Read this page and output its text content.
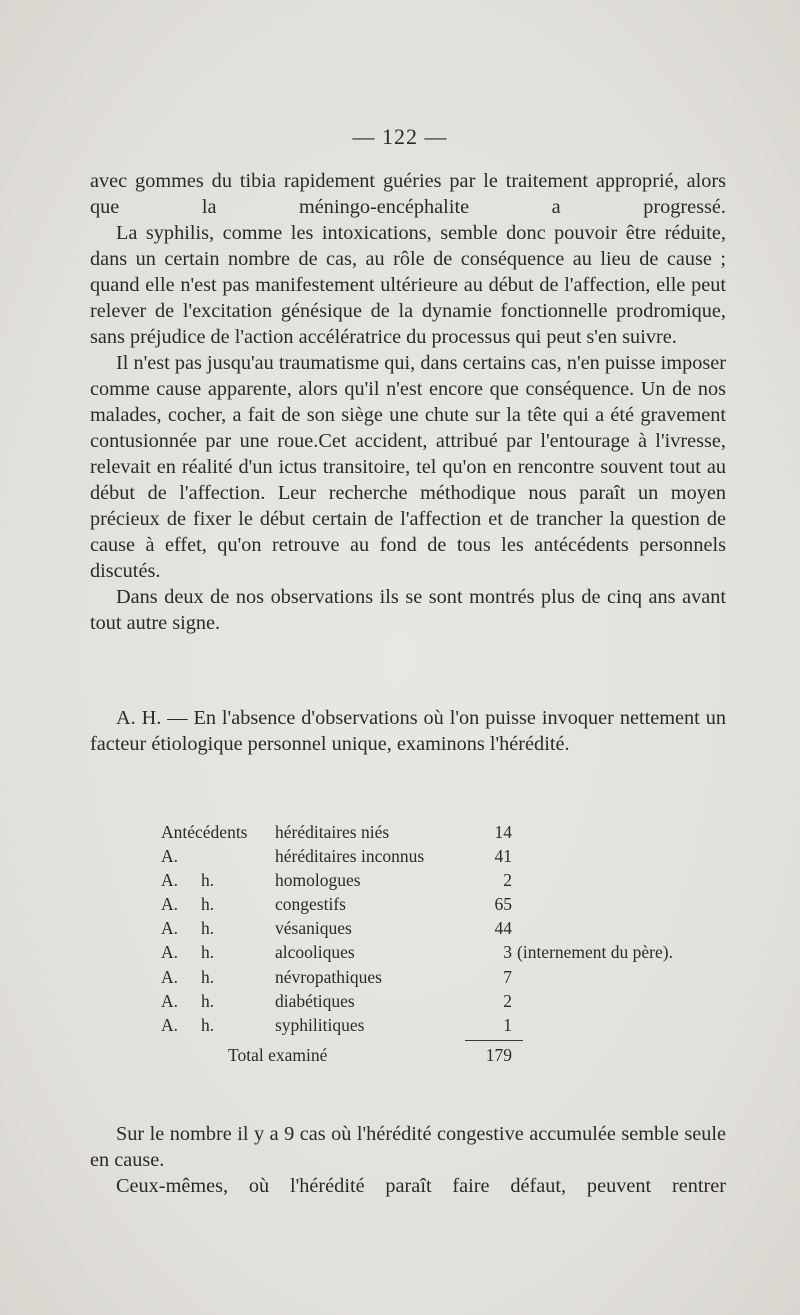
— 122 —

avec gommes du tibia rapidement guéries par le traitement approprié, alors que la méningo-encéphalite a progressé.

La syphilis, comme les intoxications, semble donc pouvoir être réduite, dans un certain nombre de cas, au rôle de conséquence au lieu de cause ; quand elle n'est pas manifestement ultérieure au début de l'affection, elle peut relever de l'excitation génésique de la dynamie fonctionnelle prodromique, sans préjudice de l'action accélératrice du processus qui peut s'en suivre.

Il n'est pas jusqu'au traumatisme qui, dans certains cas, n'en puisse imposer comme cause apparente, alors qu'il n'est encore que conséquence. Un de nos malades, cocher, a fait de son siège une chute sur la tête qui a été gravement contusionnée par une roue.Cet accident, attribué par l'entourage à l'ivresse, relevait en réalité d'un ictus transitoire, tel qu'on en rencontre souvent tout au début de l'affection. Leur recherche méthodique nous paraît un moyen précieux de fixer le début certain de l'affection et de trancher la question de cause à effet, qu'on retrouve au fond de tous les antécédents personnels discutés.

Dans deux de nos observations ils se sont montrés plus de cinq ans avant tout autre signe.

A. H. — En l'absence d'observations où l'on puisse invoquer nettement un facteur étiologique personnel unique, examinons l'hérédité.

Antécédents héréditaires niés	14
A.	héréditaires inconnus	41
A. h.	homologues	2
A. h.	congestifs	65
A. h.	vésaniques	44
A. h.	alcooliques	3 (internement du père).
A. h.	névropathiques	7
A. h.	diabétiques	2
A. h.	syphilitiques	1
Total examiné	179

Sur le nombre il y a 9 cas où l'hérédité congestive accumulée semble seule en cause.

Ceux-mêmes, où l'hérédité paraît faire défaut, peuvent rentrer
